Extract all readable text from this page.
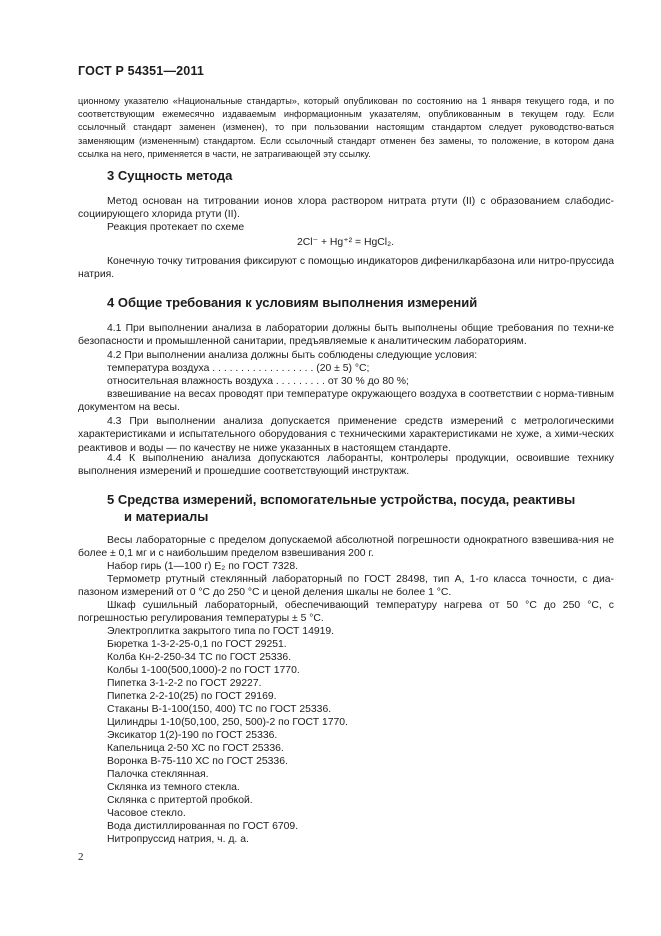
ГОСТ Р 54351—2011
ционному указателю «Национальные стандарты», который опубликован по состоянию на 1 января текущего года, и по соответствующим ежемесячно издаваемым информационным указателям, опубликованным в текущем году. Если ссылочный стандарт заменен (изменен), то при пользовании настоящим стандартом следует руководство-ваться заменяющим (измененным) стандартом. Если ссылочный стандарт отменен без замены, то положение, в котором дана ссылка на него, применяется в части, не затрагивающей эту ссылку.
3 Сущность метода
Метод основан на титровании ионов хлора раствором нитрата ртути (II) с образованием слабодис-социирующего хлорида ртути (II).
Реакция протекает по схеме
2Cl⁻ + Hg⁺² = HgCl₂.
Конечную точку титрования фиксируют с помощью индикаторов дифенилкарбазона или нитро-пруссида натрия.
4 Общие требования к условиям выполнения измерений
4.1 При выполнении анализа в лаборатории должны быть выполнены общие требования по техни-ке безопасности и промышленной санитарии, предъявляемые к аналитическим лабораториям.
4.2 При выполнении анализа должны быть соблюдены следующие условия:
температура воздуха . . . . . . . . . . . . . . . . . . (20 ± 5) °C;
относительная влажность воздуха . . . . . . . . . от 30 % до 80 %;
взвешивание на весах проводят при температуре окружающего воздуха в соответствии с норма-тивным документом на весы.
4.3 При выполнении анализа допускается применение средств измерений с метрологическими характеристиками и испытательного оборудования с техническими характеристиками не хуже, а хими-ческих реактивов и воды — по качеству не ниже указанных в настоящем стандарте.
4.4 К выполнению анализа допускаются лаборанты, контролеры продукции, освоившие технику выполнения измерений и прошедшие соответствующий инструктаж.
5 Средства измерений, вспомогательные устройства, посуда, реактивы
и материалы
Весы лабораторные с пределом допускаемой абсолютной погрешности однократного взвешива-ния не более ± 0,1 мг и с наибольшим пределом взвешивания 200 г.
Набор гирь (1—100 г) E₂ по ГОСТ 7328.
Термометр ртутный стеклянный лабораторный по ГОСТ 28498, тип А, 1-го класса точности, с диа-пазоном измерений от 0 °C до 250 °C и ценой деления шкалы не более 1 °C.
Шкаф сушильный лабораторный, обеспечивающий температуру нагрева от 50 °C до 250 °C, с погрешностью регулирования температуры ± 5 °C.
Электроплитка закрытого типа по ГОСТ 14919.
Бюретка 1-3-2-25-0,1 по ГОСТ 29251.
Колба Кн-2-250-34 ТС по ГОСТ 25336.
Колбы 1-100(500,1000)-2 по ГОСТ 1770.
Пипетка 3-1-2-2 по ГОСТ 29227.
Пипетка 2-2-10(25) по ГОСТ 29169.
Стаканы В-1-100(150, 400) ТС по ГОСТ 25336.
Цилиндры 1-10(50,100, 250, 500)-2 по ГОСТ 1770.
Эксикатор 1(2)-190 по ГОСТ 25336.
Капельница 2-50 ХС по ГОСТ 25336.
Воронка В-75-110 ХС по ГОСТ 25336.
Палочка стеклянная.
Склянка из темного стекла.
Склянка с притертой пробкой.
Часовое стекло.
Вода дистиллированная по ГОСТ 6709.
Нитропруссид натрия, ч. д. а.
2
